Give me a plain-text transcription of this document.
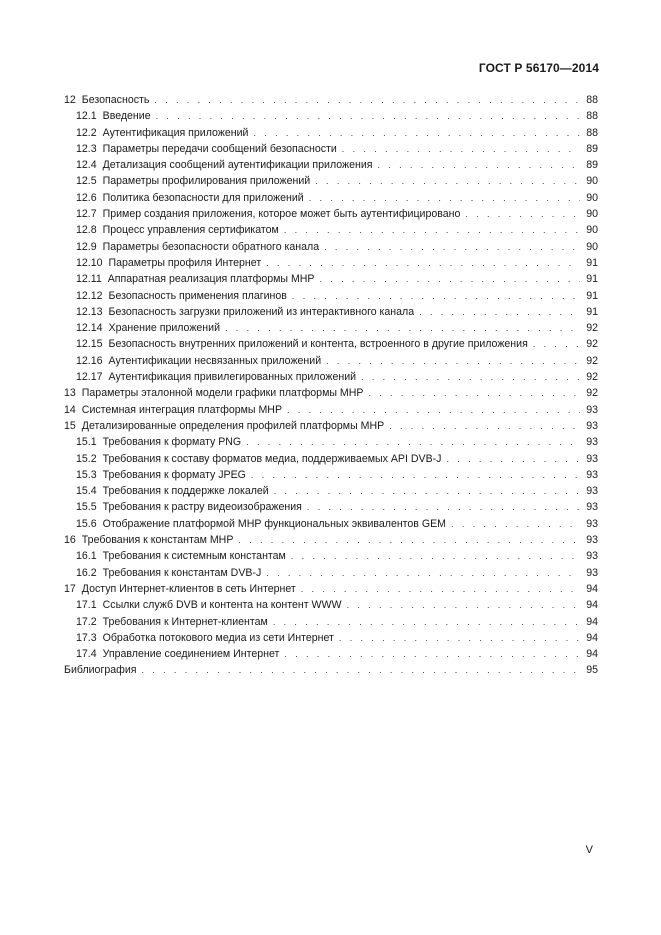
ГОСТ Р 56170—2014
12 Безопасность . . .	88
12.1 Введение . . .	88
12.2 Аутентификация приложений . . .	88
12.3 Параметры передачи сообщений безопасности . . .	89
12.4 Детализация сообщений аутентификации приложения . . .	89
12.5 Параметры профилирования приложений . . .	90
12.6 Политика безопасности для приложений . . .	90
12.7 Пример создания приложения, которое может быть аутентифицировано . . .	90
12.8 Процесс управления сертификатом . . .	90
12.9 Параметры безопасности обратного канала . . .	90
12.10 Параметры профиля Интернет . . .	91
12.11 Аппаратная реализация платформы МНР . . .	91
12.12 Безопасность применения плагинов . . .	91
12.13 Безопасность загрузки приложений из интерактивного канала . . .	91
12.14 Хранение приложений . . .	92
12.15 Безопасность внутренних приложений и контента, встроенного в другие приложения . . .	92
12.16 Аутентификации несвязанных приложений . . .	92
12.17 Аутентификация привилегированных приложений . . .	92
13 Параметры эталонной модели графики платформы МНР . . .	92
14 Системная интеграция платформы МНР . . .	93
15 Детализированные определения профилей платформы МНР . . .	93
15.1 Требования к формату PNG . . .	93
15.2 Требования к составу форматов медиа, поддерживаемых API DVB-J . . .	93
15.3 Требования к формату JPEG . . .	93
15.4 Требования к поддержке локалей . . .	93
15.5 Требования к растру видеоизображения . . .	93
15.6 Отображение платформой МНР функциональных эквивалентов GEM . . .	93
16 Требования к константам МНР . . .	93
16.1 Требования к системным константам . . .	93
16.2 Требования к константам DVB-J . . .	93
17 Доступ Интернет-клиентов в сеть Интернет . . .	94
17.1 Ссылки служб DVB и контента на контент WWW . . .	94
17.2 Требования к Интернет-клиентам . . .	94
17.3 Обработка потокового медиа из сети Интернет . . .	94
17.4 Управление соединением Интернет . . .	94
Библиография . . .	95
V
